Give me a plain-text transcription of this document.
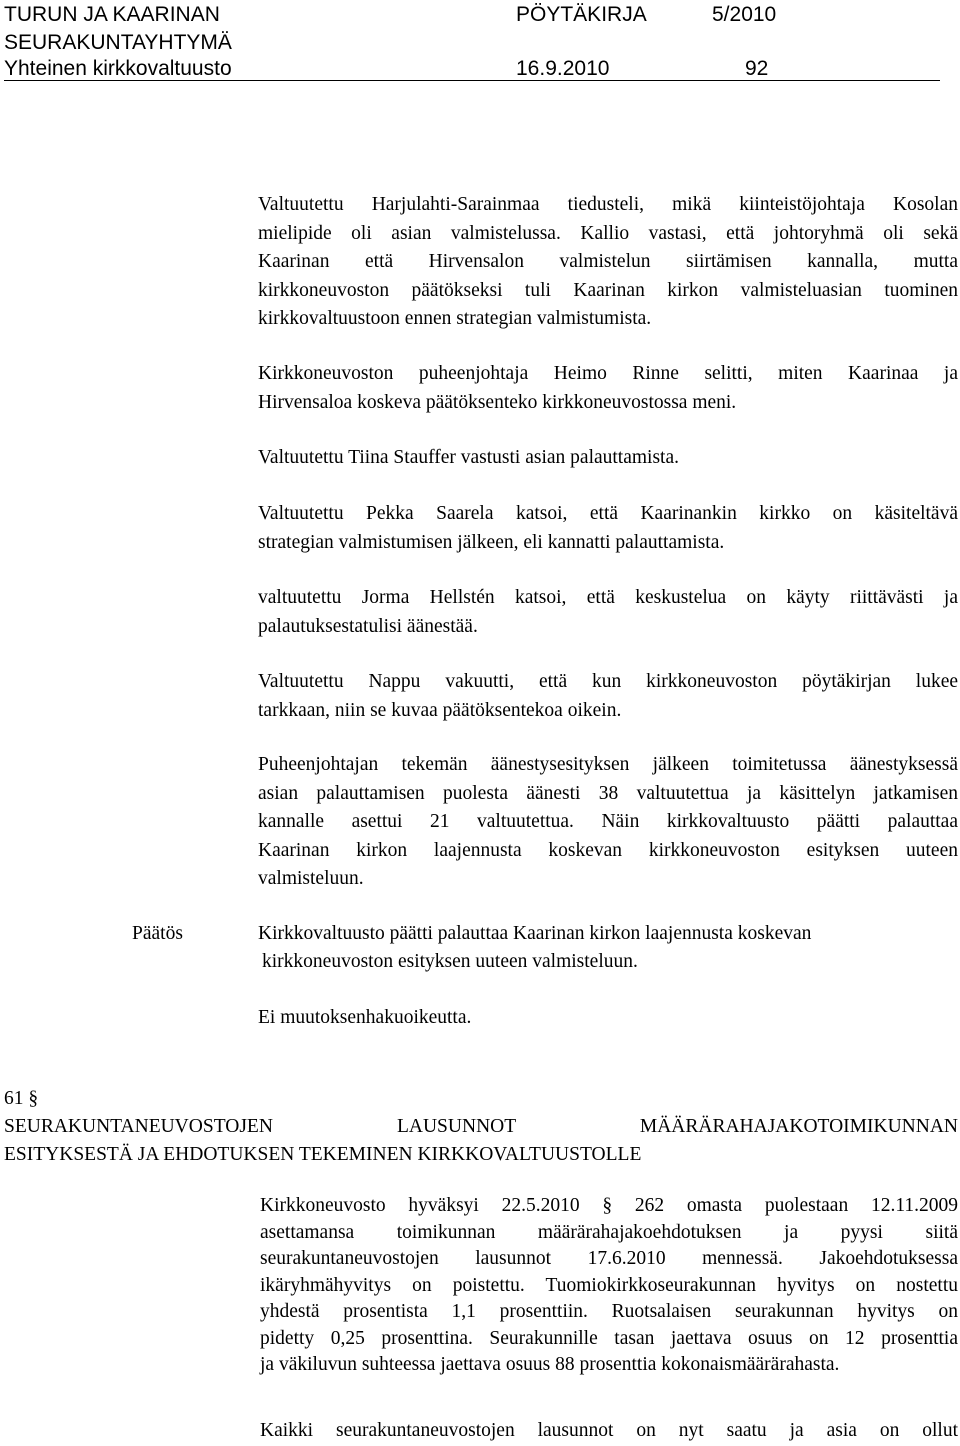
TURUN JA KAARINAN	PÖYTÄKIRJA	5/2010
SEURAKUNTAYHTYMÄ
Yhteinen kirkkovaltuusto	16.9.2010	92
Valtuutettu Harjulahti-Sarainmaa tiedusteli, mikä kiinteistöjohtaja Kosolan
mielipide oli asian valmistelussa. Kallio vastasi, että johtoryhmä oli sekä
Kaarinan että Hirvensalon valmistelun siirtämisen kannalla, mutta
kirkkoneuvoston päätökseksi tuli Kaarinan kirkon valmisteluasian tuominen
kirkkovaltuustoon ennen strategian valmistumista.
Kirkkoneuvoston puheenjohtaja Heimo Rinne selitti, miten Kaarinaa ja
Hirvensaloa koskeva päätöksenteko kirkkoneuvostossa meni.
Valtuutettu Tiina Stauffer vastusti asian palauttamista.
Valtuutettu Pekka Saarela katsoi, että Kaarinankin kirkko on käsiteltävä
strategian valmistumisen jälkeen, eli kannatti palauttamista.
valtuutettu Jorma Hellstén katsoi, että keskustelua on käyty riittävästi ja
palautuksestatulisi äänestää.
Valtuutettu Nappu vakuutti, että kun kirkkoneuvoston pöytäkirjan lukee
tarkkaan, niin se kuvaa päätöksentekoa oikein.
Puheenjohtajan tekemän äänestysesityksen jälkeen toimitetussa äänestyksessä
asian palauttamisen puolesta äänesti 38 valtuutettua ja käsittelyn jatkamisen
kannalle asettui 21 valtuutettua. Näin kirkkovaltuusto päätti palauttaa
Kaarinan kirkon laajennusta koskevan kirkkoneuvoston esityksen uuteen
valmisteluun.
Päätös	Kirkkovaltuusto päätti palauttaa Kaarinan kirkon laajennusta koskevan
kirkkoneuvoston esityksen uuteen valmisteluun.
Ei muutoksenhakuoikeutta.
61 §
SEURAKUNTANEUVOSTOJEN LAUSUNNOT MÄÄRÄRAHAJAKOTOIMIKUNNAN
ESITYKSESTÄ JA EHDOTUKSEN TEKEMINEN KIRKKOVALTUUSTOLLE
Kirkkoneuvosto hyväksyi 22.5.2010 § 262 omasta puolestaan 12.11.2009
asettamansa toimikunnan määrärahajakoehdotuksen ja pyysi siitä
seurakuntaneuvostojen lausunnot 17.6.2010 mennessä. Jakoehdotuksessa
ikäryhmähyvitys on poistettu. Tuomiokirkkoseurakunnan hyvitys on nostettu
yhdestä prosentista 1,1 prosenttiin. Ruotsalaisen seurakunnan hyvitys on
pidetty 0,25 prosenttina. Seurakunnille tasan jaettava osuus on 12 prosenttia
ja väkiluvun suhteessa jaettava osuus 88 prosenttia kokonaismäärärahasta.
Kaikki seurakuntaneuvostojen lausunnot on nyt saatu ja asia on ollut
